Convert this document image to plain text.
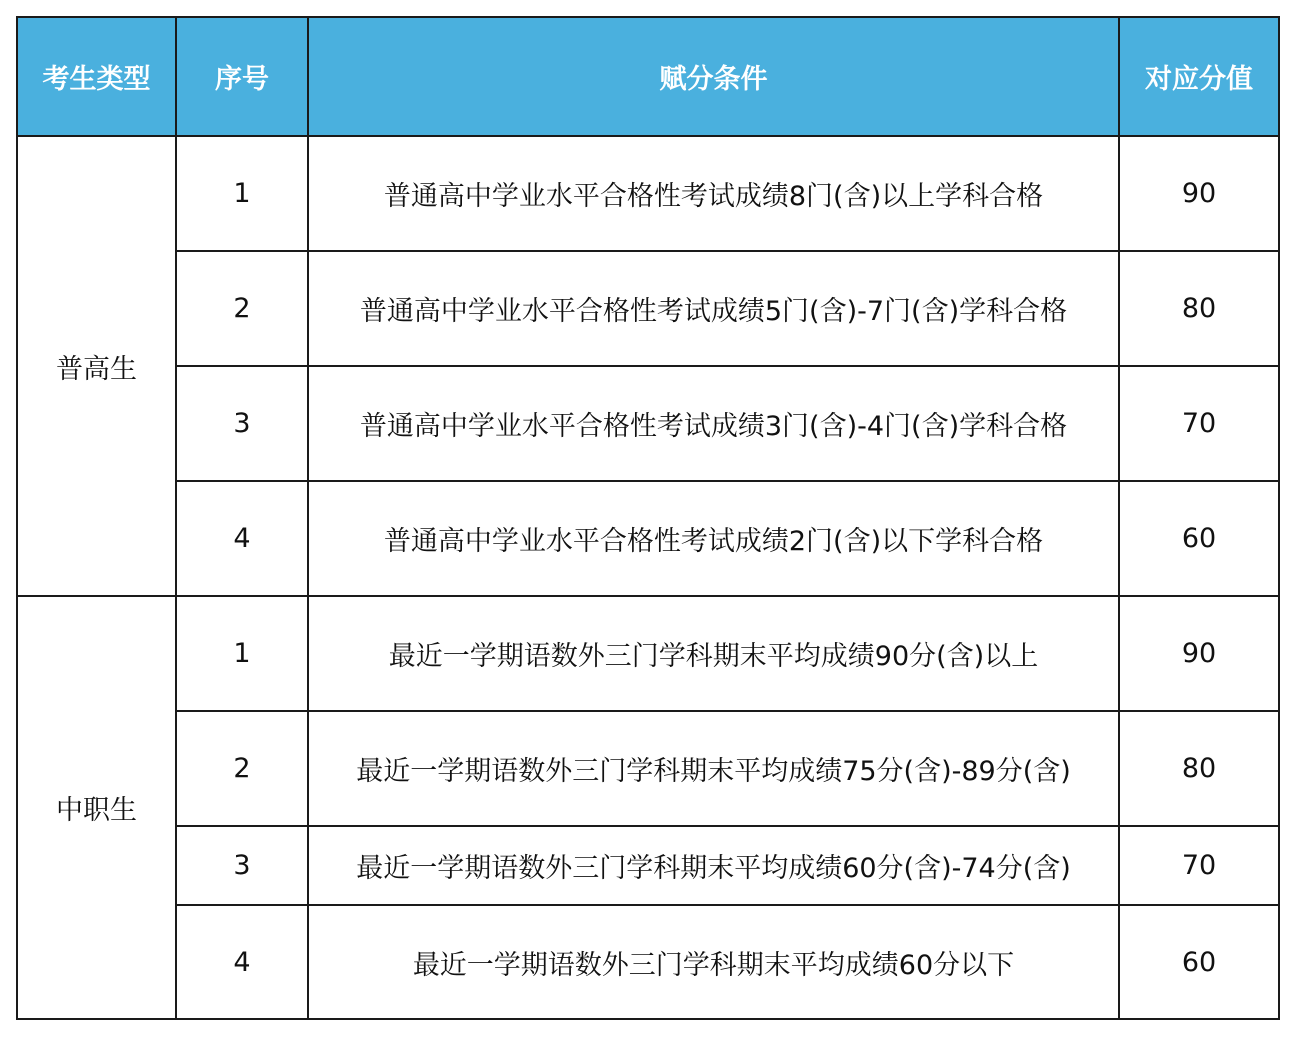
考生类型	序号	赋分条件	对应分值
普高生	1	普通高中学业水平合格性考试成绩8门(含)以上学科合格	90
	2	普通高中学业水平合格性考试成绩5门(含)-7门(含)学科合格	80
	3	普通高中学业水平合格性考试成绩3门(含)-4门(含)学科合格	70
	4	普通高中学业水平合格性考试成绩2门(含)以下学科合格	60
中职生	1	最近一学期语数外三门学科期末平均成绩90分(含)以上	90
	2	最近一学期语数外三门学科期末平均成绩75分(含)-89分(含)	80
	3	最近一学期语数外三门学科期末平均成绩60分(含)-74分(含)	70
	4	最近一学期语数外三门学科期末平均成绩60分以下	60
